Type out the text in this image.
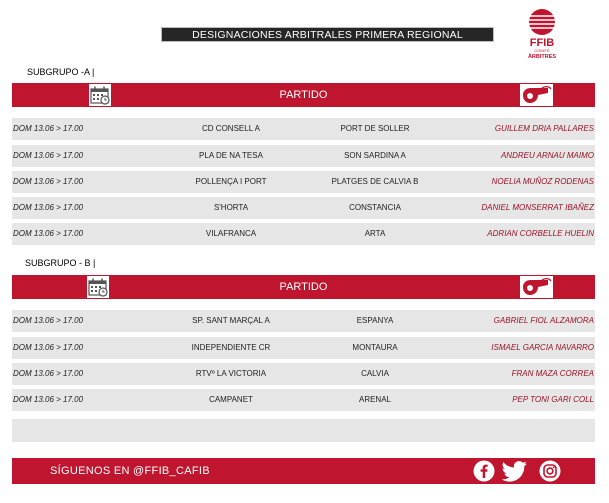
DESIGNACIONES ARBITRALES PRIMERA REGIONAL
FFIB
COMITÈ
ÀRBITRES
SUBGRUPO -A |
PARTIDO
DOM 13.06 > 17.00	CD CONSELL A	PORT DE SOLLER	GUILLEM DRIA PALLARES
DOM 13.06 > 17.00	PLA DE NA TESA	SON SARDINA A	ANDREU ARNAU MAIMO
DOM 13.06 > 17.00	POLLENÇA I PORT	PLATGES DE CALVIA B	NOELIA MUÑOZ RODENAS
DOM 13.06 > 17.00	S'HORTA	CONSTANCIA	DANIEL MONSERRAT IBAÑEZ
DOM 13.06 > 17.00	VILAFRANCA	ARTA	ADRIAN CORBELLE HUELIN
SUBGRUPO - B |
PARTIDO
DOM 13.06 > 17.00	SP. SANT MARÇAL A	ESPANYA	GABRIEL FIOL ALZAMORA
DOM 13.06 > 17.00	INDEPENDIENTE CR	MONTAURA	ISMAEL GARCIA NAVARRO
DOM 13.06 > 17.00	RTVº LA VICTORIA	CALVIA	FRAN MAZA CORREA
DOM 13.06 > 17.00	CAMPANET	ARENAL	PEP TONI GARI COLL
SÍGUENOS EN @FFIB_CAFIB
